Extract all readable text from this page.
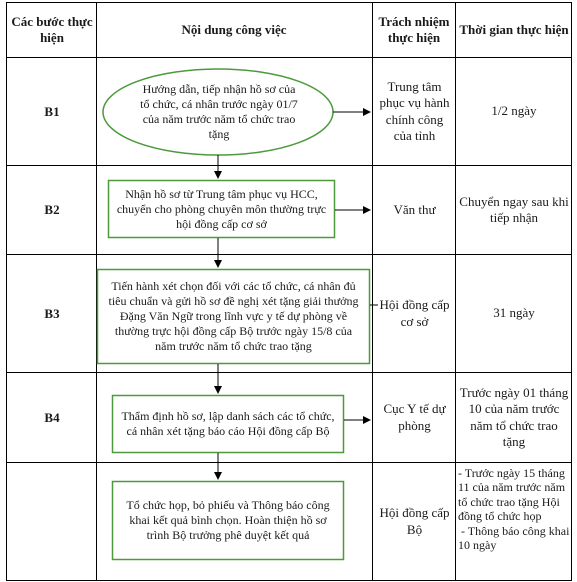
Các bước thực hiện
Nội dung công việc
Trách nhiệm thực hiện
Thời gian thực hiện
B1
B2
B3
B4
Hướng dẫn, tiếp nhận hồ sơ của tổ chức, cá nhân trước ngày 01/7 của năm trước năm tổ chức trao tặng
Nhận hồ sơ từ Trung tâm phục vụ HCC, chuyển cho phòng chuyên môn thường trực hội đồng cấp cơ sở
Tiến hành xét chọn đối với các tổ chức, cá nhân đủ tiêu chuẩn và gửi hồ sơ đề nghị xét tặng giải thưởng Đặng Văn Ngữ trong lĩnh vực y tế dự phòng về thường trực hội đồng cấp Bộ trước ngày 15/8 của năm trước năm tổ chức trao tặng
Thẩm định hồ sơ, lập danh sách các tổ chức, cá nhân xét tặng báo cáo Hội đồng cấp Bộ
Tổ chức họp, bỏ phiếu và Thông báo công khai kết quả bình chọn. Hoàn thiện hồ sơ trình Bộ trưởng phê duyệt kết quả
Trung tâm phục vụ hành chính công của tỉnh
Văn thư
Hội đồng cấp cơ sở
Cục Y tế dự phòng
Hội đồng cấp Bộ
1/2 ngày
Chuyển ngay sau khi tiếp nhận
31 ngày
Trước ngày 01 tháng 10 của năm trước năm tổ chức trao tặng
- Trước ngày 15 tháng 11 của năm trước năm tổ chức trao tặng Hội đồng tổ chức họp
- Thông báo công khai 10 ngày
